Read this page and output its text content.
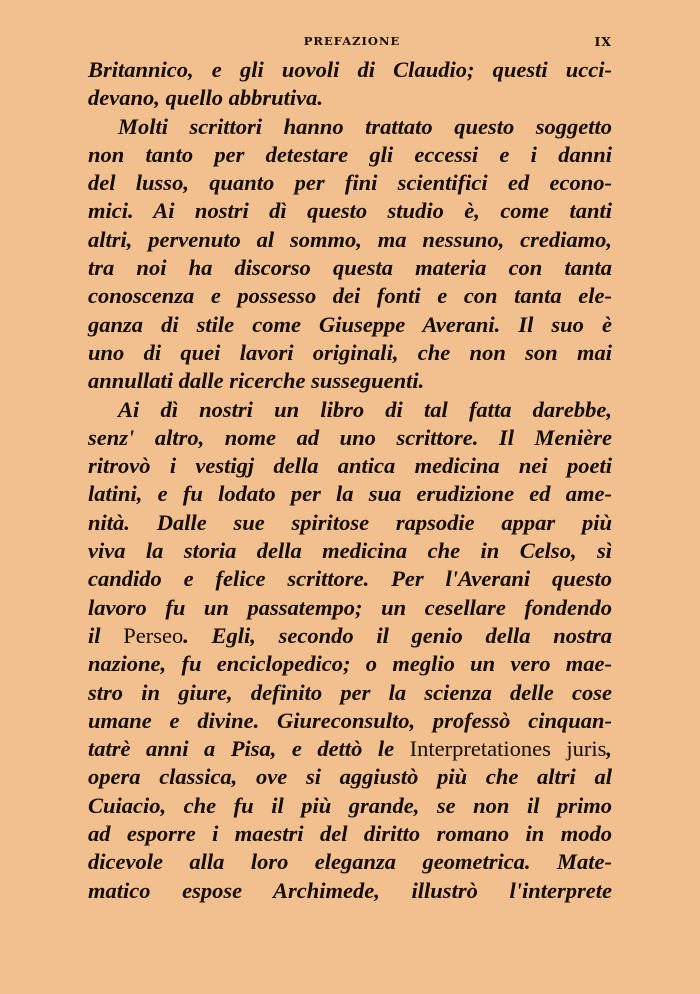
PREFAZIONE	IX
Britannico, e gli uovoli di Claudio; questi ucci-
devano, quello abbrutiva.
Molti scrittori hanno trattato questo soggetto
non tanto per detestare gli eccessi e i danni
del lusso, quanto per fini scientifici ed econo-
mici. Ai nostri dì questo studio è, come tanti
altri, pervenuto al sommo, ma nessuno, crediamo,
tra noi ha discorso questa materia con tanta
conoscenza e possesso dei fonti e con tanta ele-
ganza di stile come Giuseppe Averani. Il suo è
uno di quei lavori originali, che non son mai
annullati dalle ricerche susseguenti.
Ai dì nostri un libro di tal fatta darebbe,
senz' altro, nome ad uno scrittore. Il Menière
ritrovò i vestigj della antica medicina nei poeti
latini, e fu lodato per la sua erudizione ed ame-
nità. Dalle sue spiritose rapsodie appar più
viva la storia della medicina che in Celso, sì
candido e felice scrittore. Per l'Averani questo
lavoro fu un passatempo; un cesellare fondendo
il Perseo. Egli, secondo il genio della nostra
nazione, fu enciclopedico; o meglio un vero mae-
stro in giure, definito per la scienza delle cose
umane e divine. Giureconsulto, professò cinquan-
tatrè anni a Pisa, e dettò le Interpretationes juris,
opera classica, ove si aggiustò più che altri al
Cuiacio, che fu il più grande, se non il primo
ad esporre i maestri del diritto romano in modo
dicevole alla loro eleganza geometrica. Mate-
matico espose Archimede, illustrò l'interprete
